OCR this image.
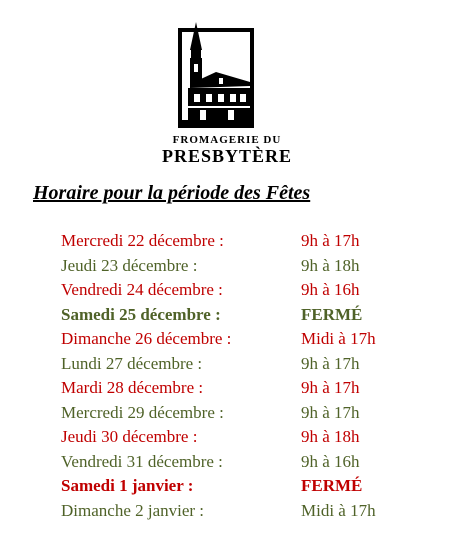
FROMAGERIE DU
PRESBYTÈRE
Horaire pour la période des Fêtes
Mercredi 22 décembre :	9h à 17h
Jeudi 23 décembre :	9h à 18h
Vendredi 24 décembre :	9h à 16h
Samedi 25 décembre :	FERMÉ
Dimanche 26 décembre :	Midi à 17h
Lundi 27 décembre :	9h à 17h
Mardi 28 décembre :	9h à 17h
Mercredi 29 décembre :	9h à 17h
Jeudi 30 décembre :	9h à 18h
Vendredi 31 décembre :	9h à 16h
Samedi 1 janvier :	FERMÉ
Dimanche 2 janvier :	Midi à 17h
